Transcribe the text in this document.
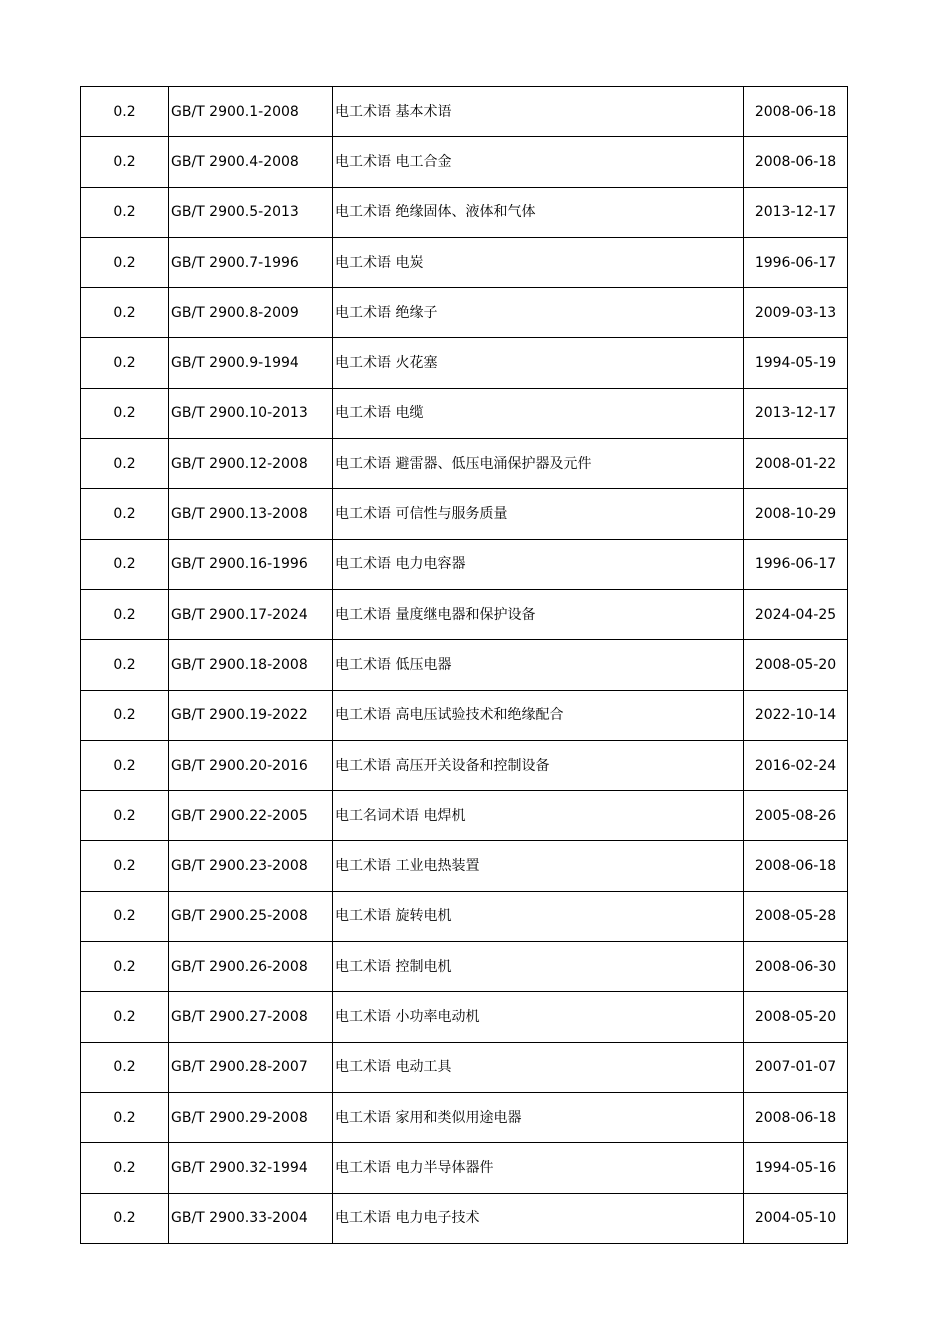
0.2	GB/T 2900.1-2008	电工术语 基本术语	2008-06-18
0.2	GB/T 2900.4-2008	电工术语 电工合金	2008-06-18
0.2	GB/T 2900.5-2013	电工术语 绝缘固体、液体和气体	2013-12-17
0.2	GB/T 2900.7-1996	电工术语 电炭	1996-06-17
0.2	GB/T 2900.8-2009	电工术语 绝缘子	2009-03-13
0.2	GB/T 2900.9-1994	电工术语 火花塞	1994-05-19
0.2	GB/T 2900.10-2013	电工术语 电缆	2013-12-17
0.2	GB/T 2900.12-2008	电工术语 避雷器、低压电涌保护器及元件	2008-01-22
0.2	GB/T 2900.13-2008	电工术语 可信性与服务质量	2008-10-29
0.2	GB/T 2900.16-1996	电工术语 电力电容器	1996-06-17
0.2	GB/T 2900.17-2024	电工术语 量度继电器和保护设备	2024-04-25
0.2	GB/T 2900.18-2008	电工术语 低压电器	2008-05-20
0.2	GB/T 2900.19-2022	电工术语 高电压试验技术和绝缘配合	2022-10-14
0.2	GB/T 2900.20-2016	电工术语 高压开关设备和控制设备	2016-02-24
0.2	GB/T 2900.22-2005	电工名词术语 电焊机	2005-08-26
0.2	GB/T 2900.23-2008	电工术语 工业电热装置	2008-06-18
0.2	GB/T 2900.25-2008	电工术语 旋转电机	2008-05-28
0.2	GB/T 2900.26-2008	电工术语 控制电机	2008-06-30
0.2	GB/T 2900.27-2008	电工术语 小功率电动机	2008-05-20
0.2	GB/T 2900.28-2007	电工术语 电动工具	2007-01-07
0.2	GB/T 2900.29-2008	电工术语 家用和类似用途电器	2008-06-18
0.2	GB/T 2900.32-1994	电工术语 电力半导体器件	1994-05-16
0.2	GB/T 2900.33-2004	电工术语 电力电子技术	2004-05-10
